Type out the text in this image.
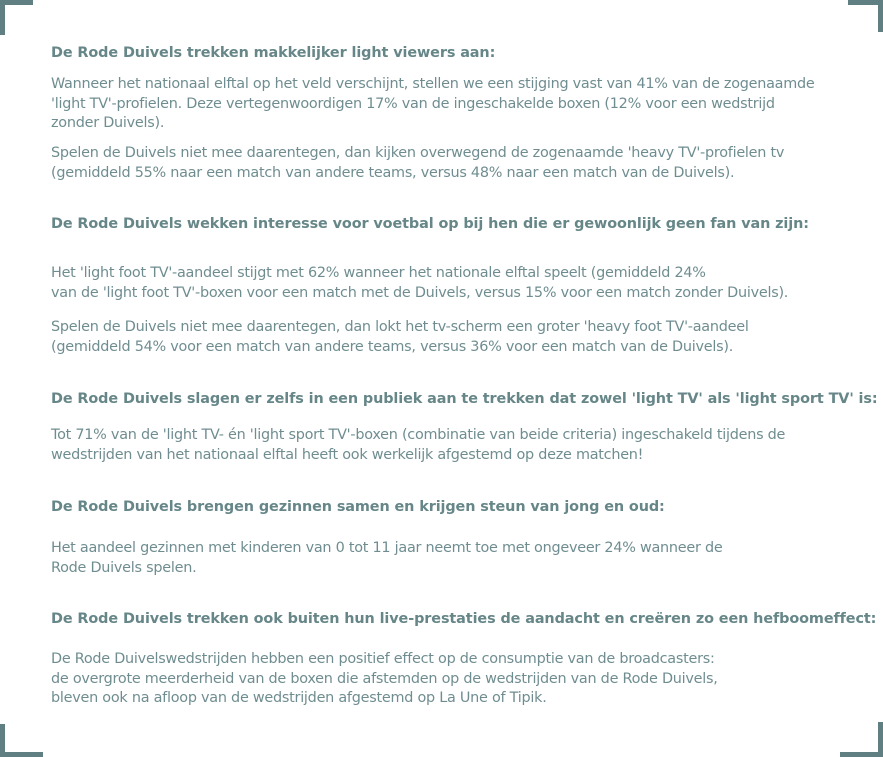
De Rode Duivels trekken makkelijker light viewers aan:
Wanneer het nationaal elftal op het veld verschijnt, stellen we een stijging vast van 41% van de zogenaamde
'light TV'-profielen. Deze vertegenwoordigen 17% van de ingeschakelde boxen (12% voor een wedstrijd
zonder Duivels).
Spelen de Duivels niet mee daarentegen, dan kijken overwegend de zogenaamde 'heavy TV'-profielen tv
(gemiddeld 55% naar een match van andere teams, versus 48% naar een match van de Duivels).
De Rode Duivels wekken interesse voor voetbal op bij hen die er gewoonlijk geen fan van zijn:
Het 'light foot TV'-aandeel stijgt met 62% wanneer het nationale elftal speelt (gemiddeld 24%
van de 'light foot TV'-boxen voor een match met de Duivels, versus 15% voor een match zonder Duivels).
Spelen de Duivels niet mee daarentegen, dan lokt het tv-scherm een groter 'heavy foot TV'-aandeel
(gemiddeld 54% voor een match van andere teams, versus 36% voor een match van de Duivels).
De Rode Duivels slagen er zelfs in een publiek aan te trekken dat zowel 'light TV' als 'light sport TV' is:
Tot 71% van de 'light TV- én 'light sport TV'-boxen (combinatie van beide criteria) ingeschakeld tijdens de
wedstrijden van het nationaal elftal heeft ook werkelijk afgestemd op deze matchen!
De Rode Duivels brengen gezinnen samen en krijgen steun van jong en oud:
Het aandeel gezinnen met kinderen van 0 tot 11 jaar neemt toe met ongeveer 24% wanneer de
Rode Duivels spelen.
De Rode Duivels trekken ook buiten hun live-prestaties de aandacht en creëren zo een hefboomeffect:
De Rode Duivelswedstrijden hebben een positief effect op de consumptie van de broadcasters:
de overgrote meerderheid van de boxen die afstemden op de wedstrijden van de Rode Duivels,
bleven ook na afloop van de wedstrijden afgestemd op La Une of Tipik.
